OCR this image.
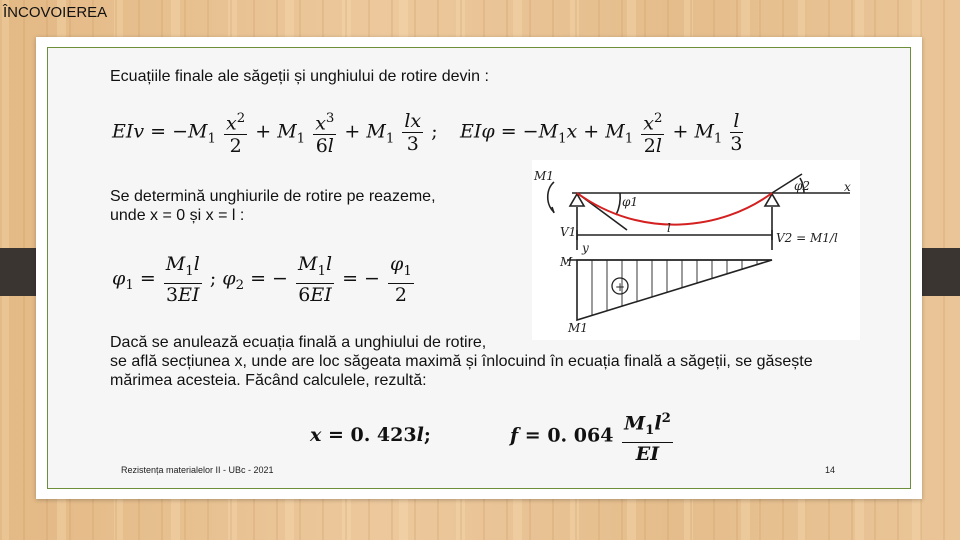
ÎNCOVOIEREA
Ecuațiile finale ale săgeții și unghiului de rotire devin :
EIv = $-M_1 \frac{x^2}{2} + M_1 \frac{x^3}{6l} + M_1 \frac{lx}{3}$ ; $EI\varphi = -M_1x + M_1 \frac{x^2}{2l} + M_1 \frac{l}{3}$
Se determină unghiurile de rotire pe reazeme,
unde x = 0 și x = l :
$\varphi_1 = \frac{M_1l}{3EI}$ ; $\varphi_2$ = − $\frac{M_1l}{6EI}$ = − $\frac{\varphi_1}{2}$
Dacă se anulează ecuația finală a unghiului de rotire,
se află secțiunea x, unde are loc săgeata maximă și înlocuind în ecuația finală a săgeții, se găsește
mărimea acesteia. Făcând calculele, rezultă:
x = 0. 423l;	f = 0. $064 \frac{M_1l^2}{EI}$
Rezistența materialelor II - UBc - 2021	14
M1
φ2
φ1
x
l
V1
y
M
V2 = M1/l
+
M1
